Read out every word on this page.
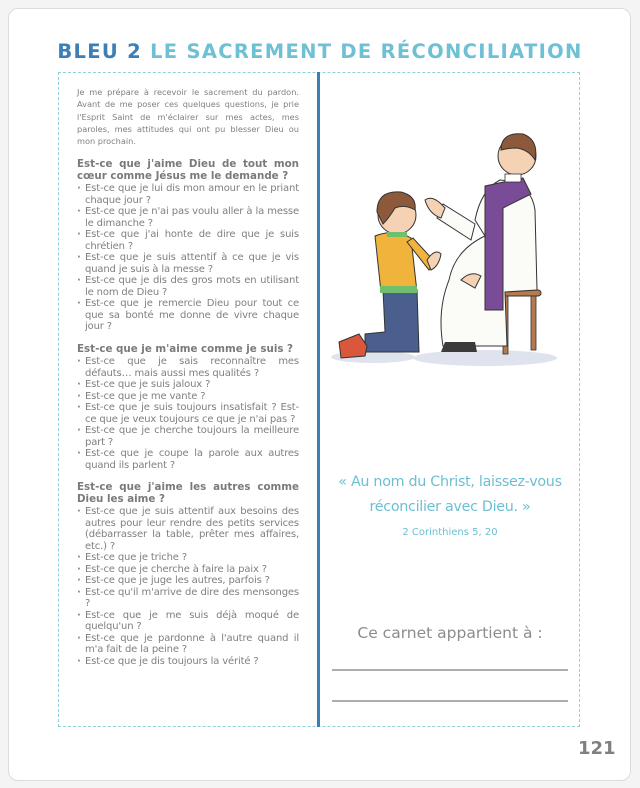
BLEU 2 LE SACREMENT DE RÉCONCILIATION

Je me prépare à recevoir le sacrement du pardon. Avant de me poser ces quelques questions, je prie l'Esprit Saint de m'éclairer sur mes actes, mes paroles, mes attitudes qui ont pu blesser Dieu ou mon prochain.

Est-ce que j'aime Dieu de tout mon cœur comme Jésus me le demande ?

· Est-ce que je lui dis mon amour en le priant chaque jour ?
· Est-ce que je n'ai pas voulu aller à la messe le dimanche ?
· Est-ce que j'ai honte de dire que je suis chrétien ?
· Est-ce que je suis attentif à ce que je vis quand je suis à la messe ?
· Est-ce que je dis des gros mots en utilisant le nom de Dieu ?
· Est-ce que je remercie Dieu pour tout ce que sa bonté me donne de vivre chaque jour ?

Est-ce que je m'aime comme je suis ?

· Est-ce que je sais reconnaître mes défauts… mais aussi mes qualités ?
· Est-ce que je suis jaloux ?
· Est-ce que je me vante ?
· Est-ce que je suis toujours insatisfait ? Est-ce que je veux toujours ce que je n'ai pas ?
· Est-ce que je cherche toujours la meilleure part ?
· Est-ce que je coupe la parole aux autres quand ils parlent ?

Est-ce que j'aime les autres comme Dieu les aime ?

· Est-ce que je suis attentif aux besoins des autres pour leur rendre des petits services (débarrasser la table, prêter mes affaires, etc.) ?
· Est-ce que je triche ?
· Est-ce que je cherche à faire la paix ?
· Est-ce que je juge les autres, parfois ?
· Est-ce qu'il m'arrive de dire des mensonges ?
· Est-ce que je me suis déjà moqué de quelqu'un ?
· Est-ce que je pardonne à l'autre quand il m'a fait de la peine ?
· Est-ce que je dis toujours la vérité ?
« Au nom du Christ, laissez-vous
réconcilier avec Dieu. »
2 Corinthiens 5, 20
Ce carnet appartient à :
121
